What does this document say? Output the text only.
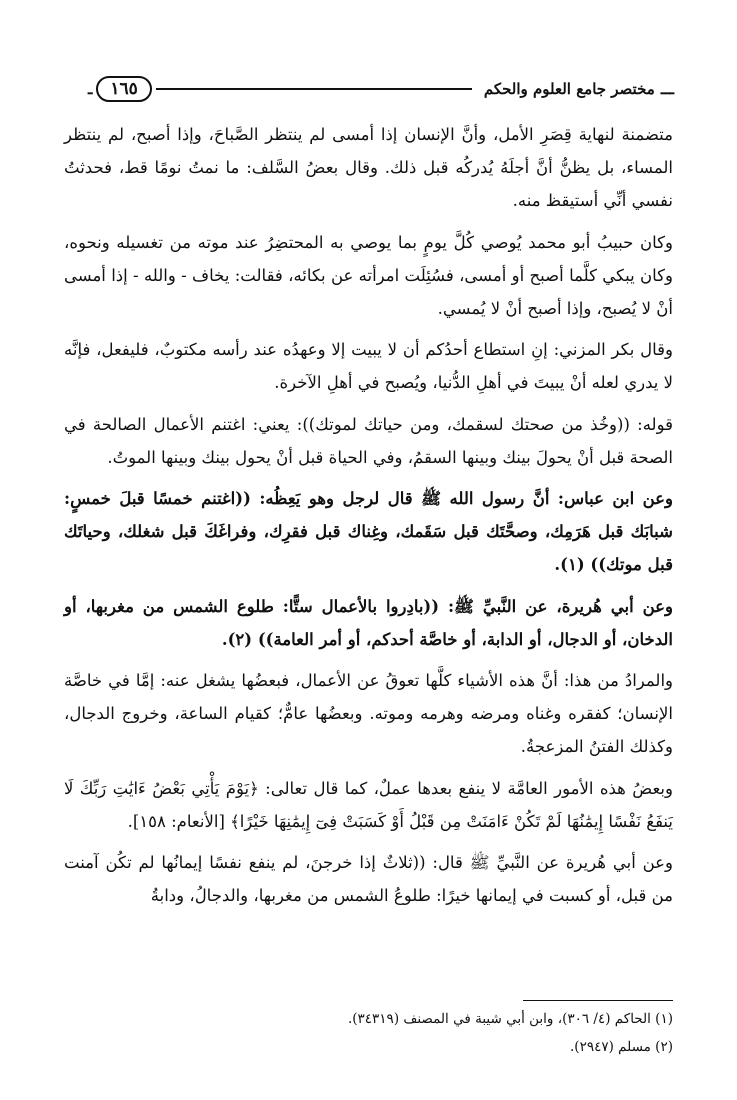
ـــ
مختصر جامع العلوم والحكم
١٦٥
ـ

متضمنة لنهاية قِصَرِ الأمل، وأنَّ الإنسان إذا أمسى لم ينتظر الصَّباحَ، وإذا أصبح، لم ينتظر المساء، بل يظنُّ أنَّ أجلَهُ يُدركُه قبل ذلك. وقال بعضُ السَّلف: ما نمتُ نومًا قط، فحدثتُ نفسي أنِّي أستيقظ منه.

وكان حبيبُ أبو محمد يُوصي كُلَّ يومٍ بما يوصي به المحتضِرُ عند موته من تغسيله ونحوه، وكان يبكي كلَّما أصبح أو أمسى، فسُئِلَت امرأته عن بكائه، فقالت: يخاف - والله - إذا أمسى أنْ لا يُصبح، وإذا أصبح أنْ لا يُمسي.

وقال بكر المزني: إنِ استطاع أحدُكم أن لا يبيت إلا وعهدُه عند رأسه مكتوبٌ، فليفعل، فإنَّه لا يدري لعله أنْ يبيتَ في أهلِ الدُّنيا، ويُصبح في أهلِ الآخرة.

قوله: ((وخُذ من صحتك لسقمك، ومن حياتك لموتك)): يعني: اغتنم الأعمال الصالحة في الصحة قبل أنْ يحولَ بينك وبينها السقمُ، وفي الحياة قبل أنْ يحول بينك وبينها الموتُ.

وعن ابن عباس: أنَّ رسول الله ﷺ قال لرجل وهو يَعِظُه: ((اغتنم خمسًا قبلَ خمسٍ: شبابَك قبل هَرَمِك، وصحَّتَك قبل سَقَمك، وغِناك قبل فقرِك، وفراغَكَ قبل شغلك، وحياتَك قبل موتك)) (١).

وعن أبي هُريرة، عن النَّبيِّ ﷺ: ((بادِروا بالأعمال ستًّا: طلوع الشمس من مغربها، أو الدخان، أو الدجال، أو الدابة، أو خاصَّة أحدكم، أو أمر العامة)) (٢).

والمرادُ من هذا: أنَّ هذه الأشياء كلَّها تعوقُ عن الأعمال، فبعضُها يشغل عنه: إمَّا في خاصَّة الإنسان؛ كفقره وغناه ومرضه وهرمه وموته. وبعضُها عامٌّ؛ كقيام الساعة، وخروج الدجال، وكذلك الفتنُ المزعجةُ.

وبعضُ هذه الأمور العامَّة لا ينفع بعدها عملٌ، كما قال تعالى: ﴿يَوْمَ يَأْتِي بَعْضُ ءَايَٰتِ رَبِّكَ لَا يَنفَعُ نَفْسًا إِيمَٰنُهَا لَمْ تَكُنْ ءَامَنَتْ مِن قَبْلُ أَوْ كَسَبَتْ فِىٓ إِيمَٰنِهَا خَيْرًا﴾ [الأنعام: ١٥٨].

وعن أبي هُريرة عن النَّبيِّ ﷺ قال: ((ثلاثٌ إذا خرجنَ، لم ينفع نفسًا إيمانُها لم تكُن آمنت من قبل، أو كسبت في إيمانها خيرًا: طلوعُ الشمس من مغربها، والدجالُ، ودابةُ

(١) الحاكم (٤/ ٣٠٦)، وابن أبي شيبة في المصنف (٣٤٣١٩).
(٢) مسلم (٢٩٤٧).
